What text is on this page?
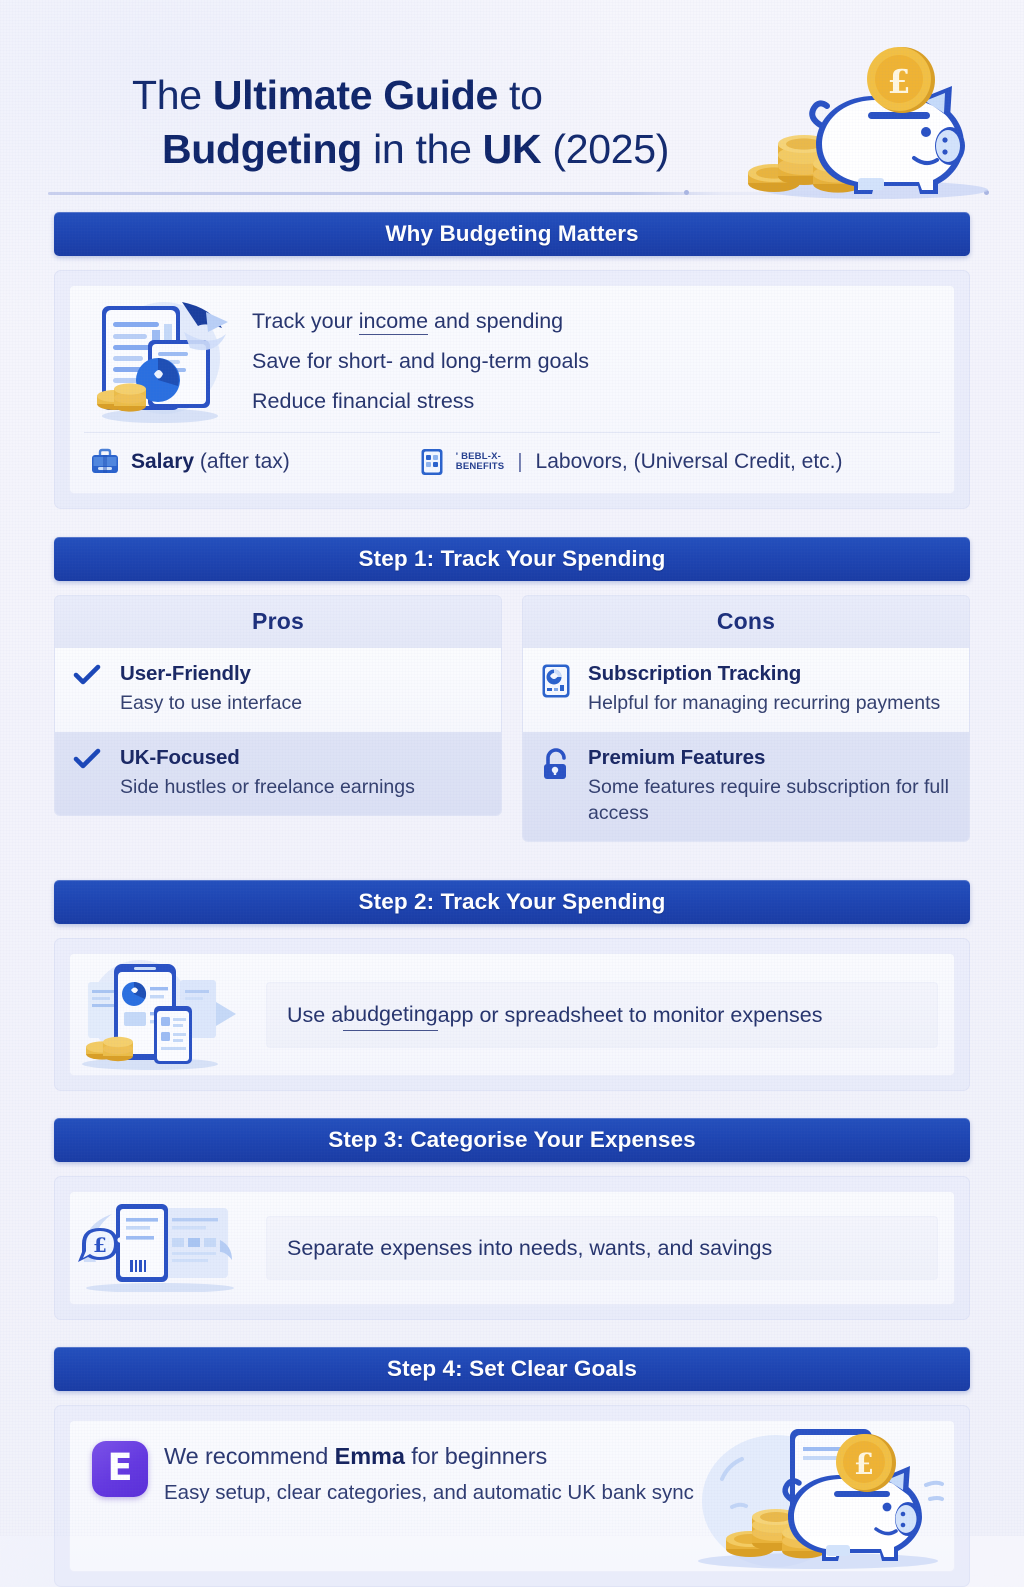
The Ultimate Guide to
Budgeting in the UK (2025)
£
Why Budgeting Matters
Track your income and spending
Save for short- and long-term goals
Reduce financial stress
Salary (after tax)	' BEBL-X-
BENEFITS | Labovors, (Universal Credit, etc.)
Step 1: Track Your Spending
Pros
User-Friendly
Easy to use interface
UK-Focused
Side hustles or freelance earnings
Cons
Subscription Tracking
Helpful for managing recurring payments
Premium Features
Some features require subscription for full access
Step 2: Track Your Spending
Use a budgeting app or spreadsheet to monitor expenses
Step 3: Categorise Your Expenses
£	Separate expenses into needs, wants, and savings
Step 4: Set Clear Goals
£
E	We recommend Emma for beginners
Easy setup, clear categories, and automatic UK bank sync
